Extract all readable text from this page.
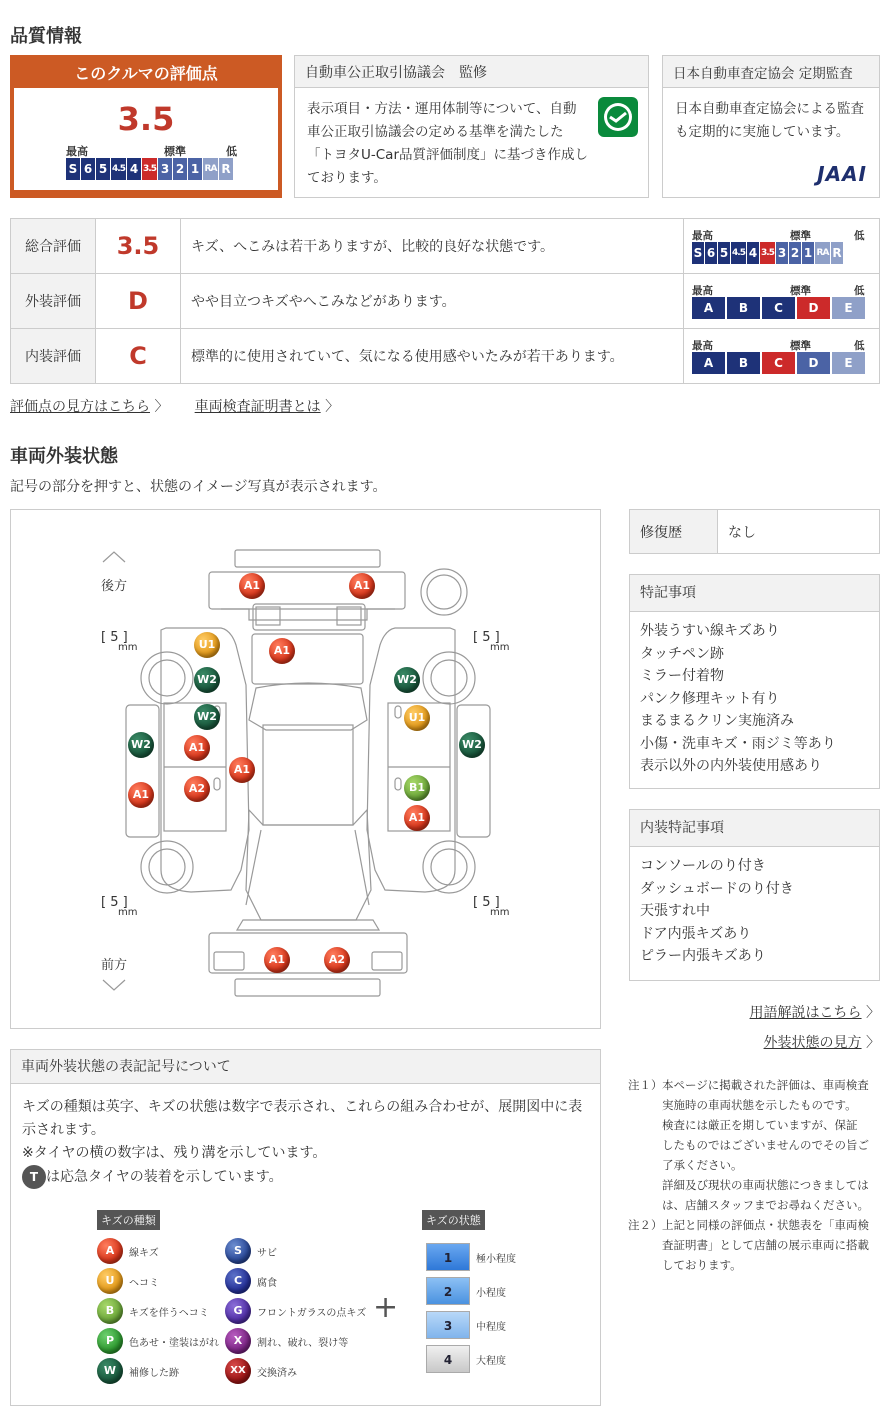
品質情報
このクルマの評価点
3.5
最高	標準	低
S 6 5 4.5 4 3.5 3 2 1 RA R
自動車公正取引協議会　監修
表示項目・方法・運用体制等について、自動車公正取引協議会の定める基準を満たした「トヨタU-Car品質評価制度」に基づき作成しております。
日本自動車査定協会 定期監査
日本自動車査定協会による監査も定期的に実施しています。
JAAI
総合評価	3.5	キズ、へこみは若干ありますが、比較的良好な状態です。	最高 標準 低
S 6 5 4.5 4 3.5 3 2 1 RA R

外装評価	D	やや目立つキズやへこみなどがあります。	最高 標準 低
A B C D E

内装評価	C	標準的に使用されていて、気になる使用感やいたみが若干あります。	最高 標準 低
A B C D E
評価点の見方はこちら 〉 車両検査証明書とは 〉
車両外装状態
記号の部分を押すと、状態のイメージ写真が表示されます。
後方
前方
[ 5 ]
mm
[ 5 ]
mm
[ 5 ]
mm
[ 5 ]
mm
A1	A1
A1
U1
W2
W2
W2	A1
A1
A2
A1
W2
U1
W2
B1
A1
A1	A2
修復歴	なし
特記事項
外装うすい線キズあり
タッチペン跡
ミラー付着物
パンク修理キット有り
まるまるクリン実施済み
小傷・洗車キズ・雨ジミ等あり
表示以外の内外装使用感あり
内装特記事項
コンソールのり付き
ダッシュボードのり付き
天張すれ中
ドア内張キズあり
ピラー内張キズあり
用語解説はこちら 〉
外装状態の見方 〉
注１） 本ページに掲載された評価は、車両検査
実施時の車両状態を示したものです。
検査には厳正を期していますが、保証
したものではございませんのでその旨ご
了承ください。
詳細及び現状の車両状態につきましては
は、店舗スタッフまでお尋ねください。
注２） 上記と同様の評価点・状態表を「車両検
査証明書」として店舗の展示車両に搭載
しております。
車両外装状態の表記記号について
キズの種類は英字、キズの状態は数字で表示され、これらの組み合わせが、展開図中に表示されます。
※タイヤの横の数字は、残り溝を示しています。
T は応急タイヤの装着を示しています。
キズの種類	キズの状態
A	線キズ
U	ヘコミ
B	キズを伴うヘコミ
P	色あせ・塗装はがれ
W	補修した跡
S	サビ
C	腐食
G	フロントガラスの点キズ
X	割れ、破れ、裂け等
XX	交換済み
+
1	極小程度
2	小程度
3	中程度
4	大程度
